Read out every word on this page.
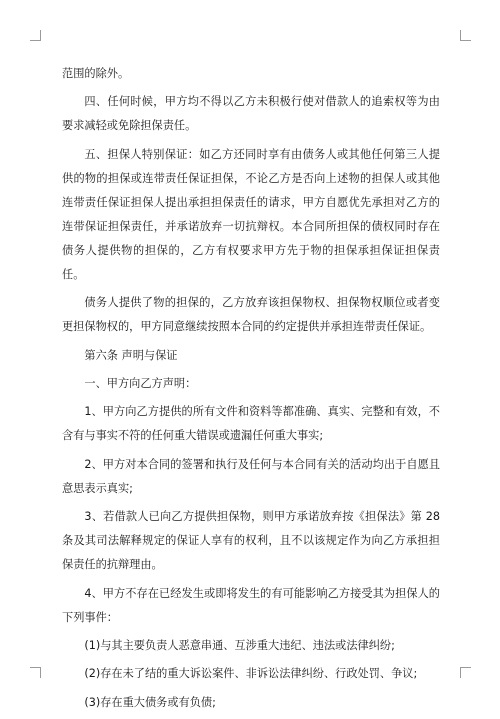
范围的除外。

四、任何时候，甲方均不得以乙方未积极行使对借款人的追索权等为由要求减轻或免除担保责任。

五、担保人特别保证：如乙方还同时享有由债务人或其他任何第三人提供的物的担保或连带责任保证担保，不论乙方是否向上述物的担保人或其他连带责任保证担保人提出承担担保责任的请求，甲方自愿优先承担对乙方的连带保证担保责任，并承诺放弃一切抗辩权。本合同所担保的债权同时存在债务人提供物的担保的，乙方有权要求甲方先于物的担保承担保证担保责任。

债务人提供了物的担保的，乙方放弃该担保物权、担保物权顺位或者变更担保物权的，甲方同意继续按照本合同的约定提供并承担连带责任保证。

第六条 声明与保证

一、甲方向乙方声明：

1、甲方向乙方提供的所有文件和资料等都准确、真实、完整和有效，不含有与事实不符的任何重大错误或遗漏任何重大事实;

2、甲方对本合同的签署和执行及任何与本合同有关的活动均出于自愿且意思表示真实;

3、若借款人已向乙方提供担保物，则甲方承诺放弃按《担保法》第 28 条及其司法解释规定的保证人享有的权利，且不以该规定作为向乙方承担担保责任的抗辩理由。

4、甲方不存在已经发生或即将发生的有可能影响乙方接受其为担保人的下列事件：

(1)与其主要负责人恶意串通、互涉重大违纪、违法或法律纠纷;

(2)存在未了结的重大诉讼案件、非诉讼法律纠纷、行政处罚、争议;

(3)存在重大债务或有负债;
